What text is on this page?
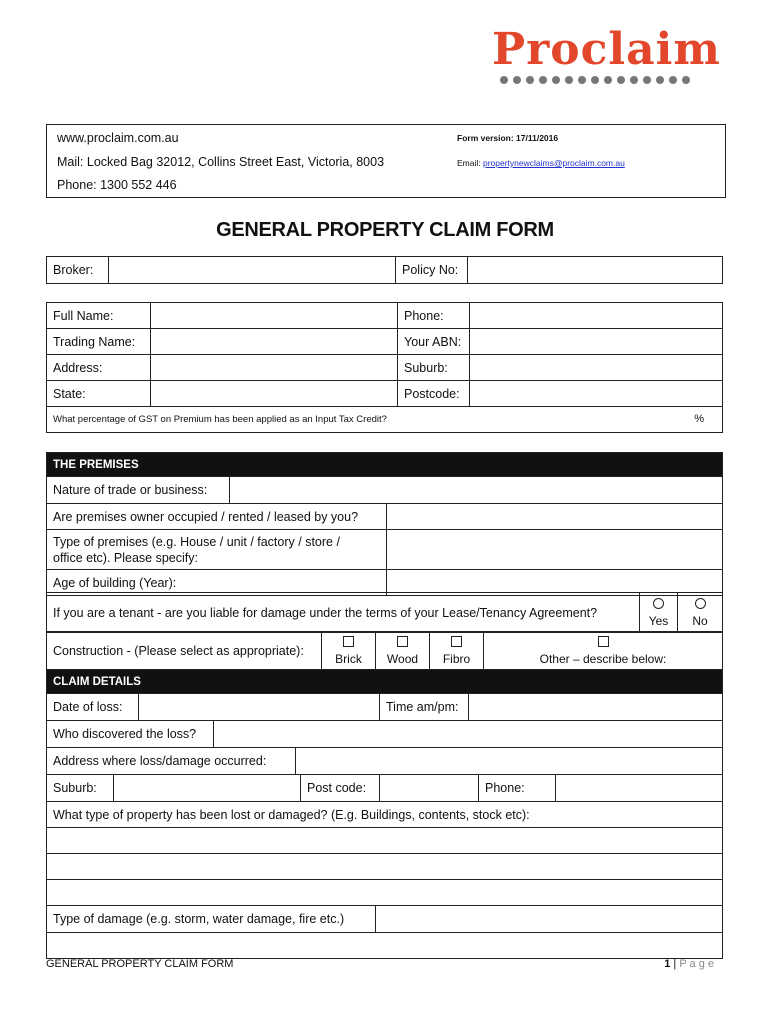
Proclaim
www.proclaim.com.au
Mail: Locked Bag 32012, Collins Street East, Victoria, 8003
Phone: 1300 552 446
Form version: 17/11/2016
Email: propertynewclaims@proclaim.com.au
GENERAL PROPERTY CLAIM FORM
Broker:		Policy No:	
Full Name:		Phone:	
Trading Name:		Your ABN:	
Address:		Suburb:	
State:		Postcode:	
What percentage of GST on Premium has been applied as an Input Tax Credit? %			
THE PREMISES

Nature of trade or business:	

Are premises owner occupied / rented / leased by you?	
Type of premises (e.g. House / unit / factory / store / office etc). Please specify:	
Age of building (Year):	
If you are a tenant - are you liable for damage under the terms of your Lease/Tenancy Agreement?	
Yes	No
Construction - (Please select as appropriate):	
Brick	Wood	Fibro	Other – describe below:
CLAIM DETAILS

Date of loss:		Time am/pm:	

Who discovered the loss?	

Address where loss/damage occurred:	

Suburb:		Post code:		Phone:	

What type of property has been lost or damaged? (E.g. Buildings, contents, stock etc):

Type of damage (e.g. storm, water damage, fire etc.)	

GENERAL PROPERTY CLAIM FORM	1 | P a g e
